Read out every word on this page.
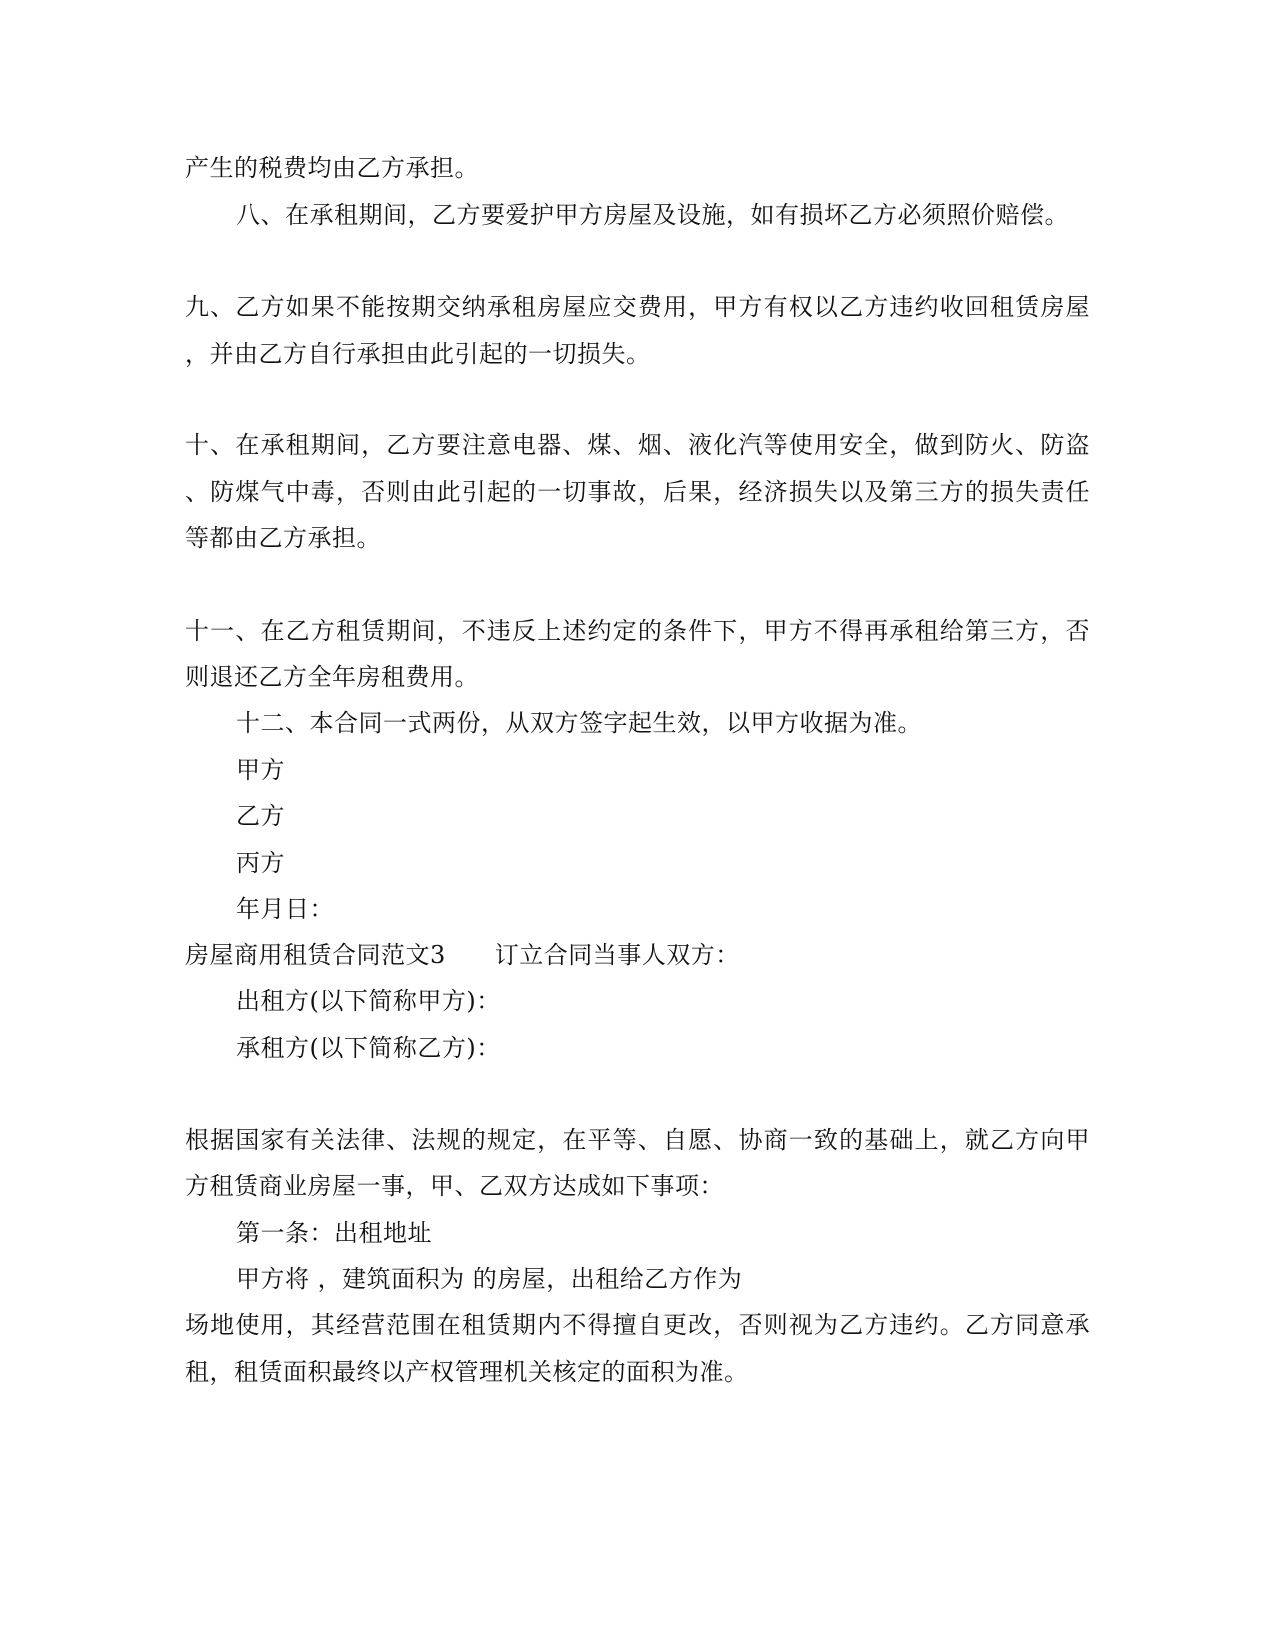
产生的税费均由乙方承担。
八、在承租期间，乙方要爱护甲方房屋及设施，如有损坏乙方必须照价赔偿。
九、乙方如果不能按期交纳承租房屋应交费用，甲方有权以乙方违约收回租赁房屋
，并由乙方自行承担由此引起的一切损失。
十、在承租期间，乙方要注意电器、煤、烟、液化汽等使用安全，做到防火、防盗
、防煤气中毒，否则由此引起的一切事故，后果，经济损失以及第三方的损失责任
等都由乙方承担。
十一、在乙方租赁期间，不违反上述约定的条件下，甲方不得再承租给第三方，否
则退还乙方全年房租费用。
十二、本合同一式两份，从双方签字起生效，以甲方收据为准。
甲方
乙方
丙方
年月日：
房屋商用租赁合同范文3　　订立合同当事人双方：
出租方(以下简称甲方)：
承租方(以下简称乙方)：
根据国家有关法律、法规的规定，在平等、自愿、协商一致的基础上，就乙方向甲
方租赁商业房屋一事，甲、乙双方达成如下事项：
第一条：出租地址
甲方将 ，建筑面积为 的房屋，出租给乙方作为
场地使用，其经营范围在租赁期内不得擅自更改，否则视为乙方违约。乙方同意承
租，租赁面积最终以产权管理机关核定的面积为准。
